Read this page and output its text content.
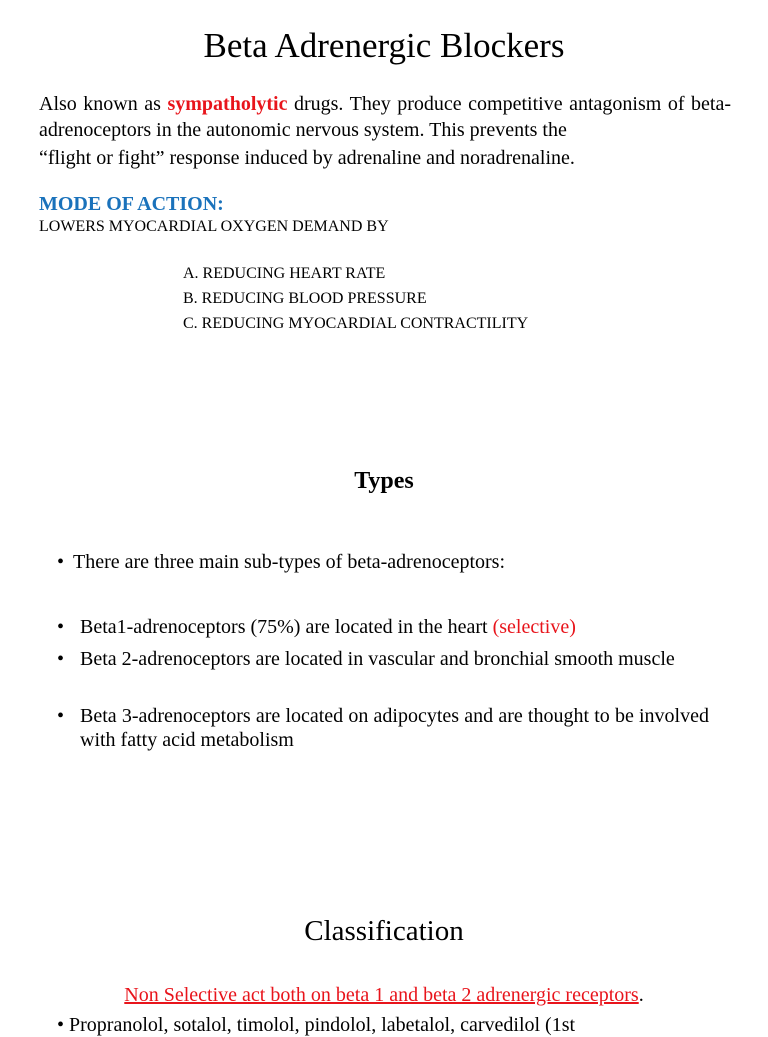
Beta Adrenergic Blockers

Also known as sympatholytic drugs. They produce competitive antagonism of beta-adrenoceptors in the autonomic nervous system. This prevents the
“flight or fight” response induced by adrenaline and noradrenaline.

MODE OF ACTION:

LOWERS MYOCARDIAL OXYGEN DEMAND BY

A. REDUCING HEART RATE
B. REDUCING BLOOD PRESSURE
C. REDUCING MYOCARDIAL CONTRACTILITY
Types
• There are three main sub-types of beta-adrenoceptors:
• Beta1-adrenoceptors (75%) are located in the heart (selective)
• Beta 2-adrenoceptors are located in vascular and bronchial smooth muscle
• Beta 3-adrenoceptors are located on adipocytes and are thought to be involved with fatty acid metabolism
Classification

Non Selective act both on beta 1 and beta 2 adrenergic receptors.

• Propranolol, sotalol, timolol, pindolol, labetalol, carvedilol (1st
